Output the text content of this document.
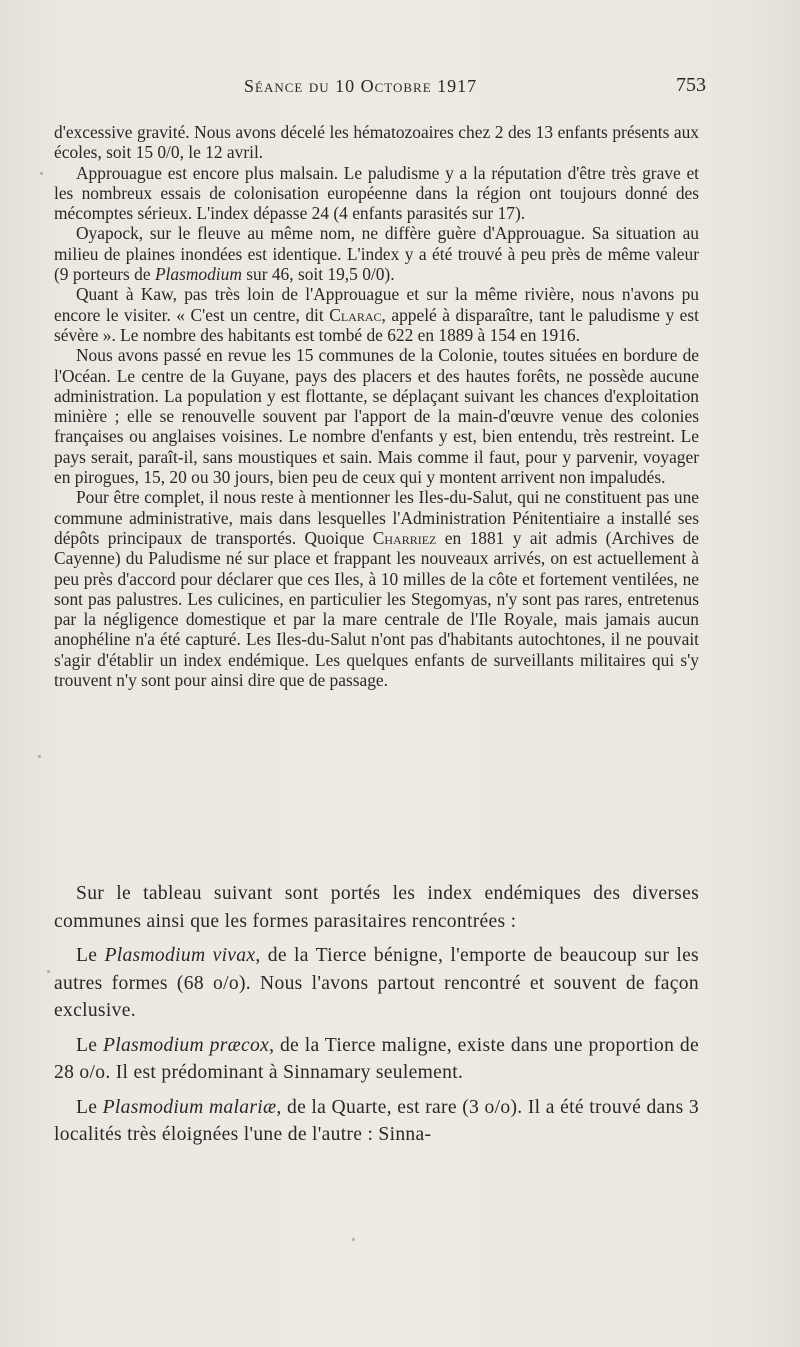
Séance du 10 Octobre 1917	753

d'excessive gravité. Nous avons décelé les hématozoaires chez 2 des 13 enfants présents aux écoles, soit 15 0/0, le 12 avril.

Approuague est encore plus malsain. Le paludisme y a la réputation d'être très grave et les nombreux essais de colonisation européenne dans la région ont toujours donné des mécomptes sérieux. L'index dépasse 24 (4 enfants parasités sur 17).

Oyapock, sur le fleuve au même nom, ne diffère guère d'Approuague. Sa situation au milieu de plaines inondées est identique. L'index y a été trouvé à peu près de même valeur (9 porteurs de Plasmodium sur 46, soit 19,5 0/0).

Quant à Kaw, pas très loin de l'Approuague et sur la même rivière, nous n'avons pu encore le visiter. « C'est un centre, dit Clarac, appelé à disparaître, tant le paludisme y est sévère ». Le nombre des habitants est tombé de 622 en 1889 à 154 en 1916.

Nous avons passé en revue les 15 communes de la Colonie, toutes situées en bordure de l'Océan. Le centre de la Guyane, pays des placers et des hautes forêts, ne possède aucune administration. La population y est flottante, se déplaçant suivant les chances d'exploitation minière ; elle se renouvelle souvent par l'apport de la main-d'œuvre venue des colonies françaises ou anglaises voisines. Le nombre d'enfants y est, bien entendu, très restreint. Le pays serait, paraît-il, sans moustiques et sain. Mais comme il faut, pour y parvenir, voyager en pirogues, 15, 20 ou 30 jours, bien peu de ceux qui y montent arrivent non impaludés.

Pour être complet, il nous reste à mentionner les Iles-du-Salut, qui ne constituent pas une commune administrative, mais dans lesquelles l'Administration Pénitentiaire a installé ses dépôts principaux de transportés. Quoique Charriez en 1881 y ait admis (Archives de Cayenne) du Paludisme né sur place et frappant les nouveaux arrivés, on est actuellement à peu près d'accord pour déclarer que ces Iles, à 10 milles de la côte et fortement ventilées, ne sont pas palustres. Les culicines, en particulier les Stegomyas, n'y sont pas rares, entretenus par la négligence domestique et par la mare centrale de l'Ile Royale, mais jamais aucun anophéline n'a été capturé. Les Iles-du-Salut n'ont pas d'habitants autochtones, il ne pouvait s'agir d'établir un index endémique. Les quelques enfants de surveillants militaires qui s'y trouvent n'y sont pour ainsi dire que de passage.

Sur le tableau suivant sont portés les index endémiques des diverses communes ainsi que les formes parasitaires rencontrées :

Le Plasmodium vivax, de la Tierce bénigne, l'emporte de beaucoup sur les autres formes (68 o/o). Nous l'avons partout rencontré et souvent de façon exclusive.

Le Plasmodium præcox, de la Tierce maligne, existe dans une proportion de 28 o/o. Il est prédominant à Sinnamary seulement.

Le Plasmodium malariæ, de la Quarte, est rare (3 o/o). Il a été trouvé dans 3 localités très éloignées l'une de l'autre : Sinna-
